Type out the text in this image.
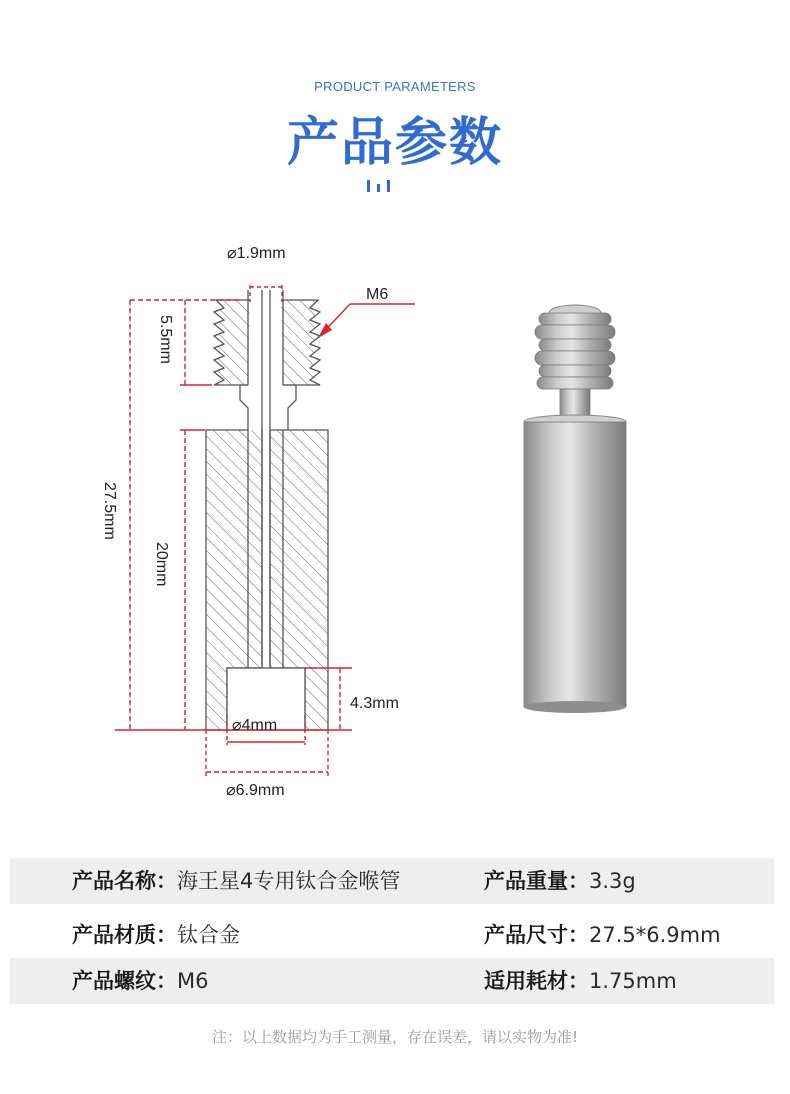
PRODUCT PARAMETERS
产品参数
⌀1.9mm
M6
5.5mm
27.5mm
20mm
4.3mm
⌀4mm
⌀6.9mm
产品名称：海王星4专用钛合金喉管	产品重量：3.3g
产品材质：钛合金	产品尺寸：27.5*6.9mm
产品螺纹：M6	适用耗材：1.75mm
注：以上数据均为手工测量，存在误差，请以实物为准!
